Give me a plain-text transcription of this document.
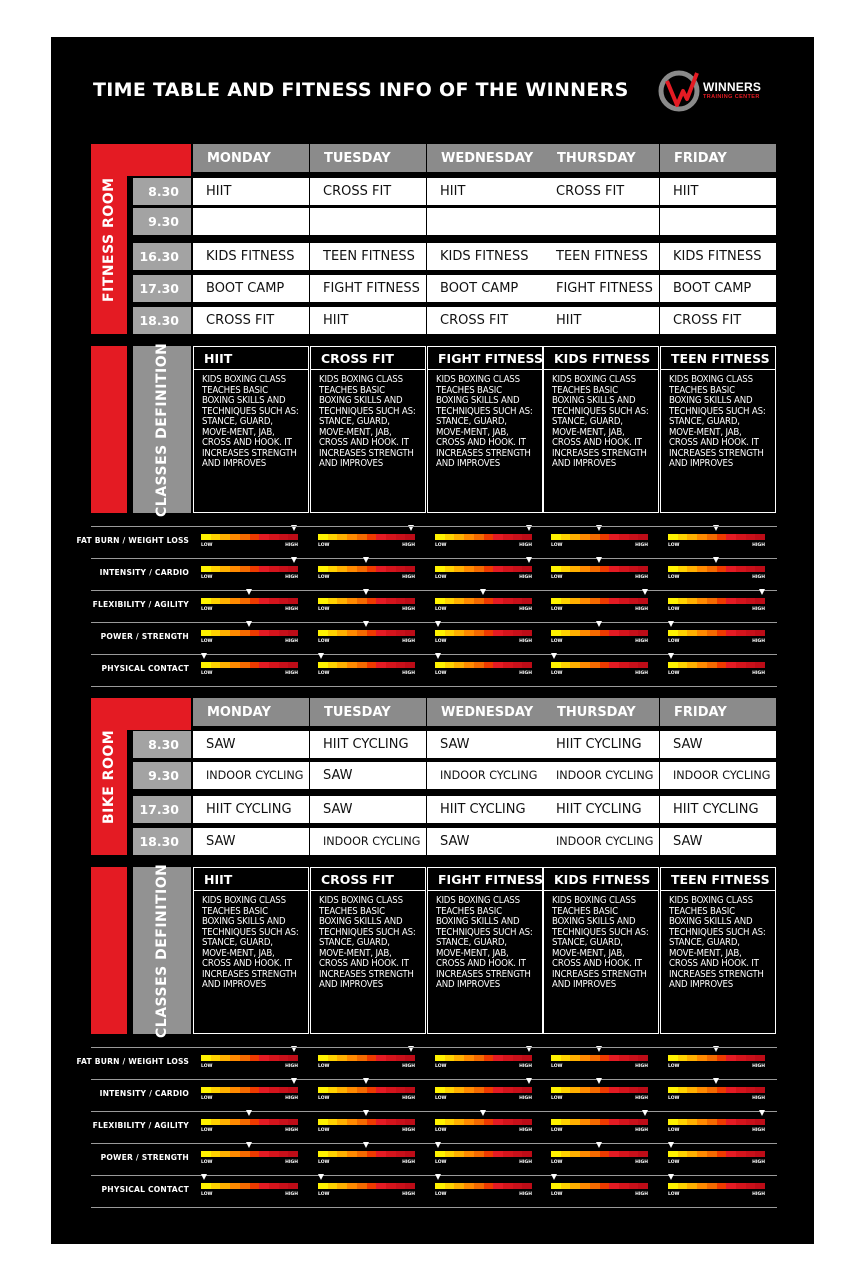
TIME TABLE AND FITNESS INFO OF THE WINNERS	WINNERS
TRAINING CENTER
FITNESS ROOM
MONDAY	TUESDAY	WEDNESDAY	THURSDAY	FRIDAY
8.30	HIIT	CROSS FIT	HIIT	CROSS FIT	HIIT
9.30
16.30	KIDS FITNESS	TEEN FITNESS	KIDS FITNESS	TEEN FITNESS	KIDS FITNESS
17.30	BOOT CAMP	FIGHT FITNESS	BOOT CAMP	FIGHT FITNESS	BOOT CAMP
18.30	CROSS FIT	HIIT	CROSS FIT	HIIT	CROSS FIT
CLASSES DEFINITION	HIIT
KIDS BOXING CLASS TEACHES BASIC BOXING SKILLS AND TECHNIQUES SUCH AS: STANCE, GUARD, MOVE-MENT, JAB, CROSS AND HOOK. IT INCREASES STRENGTH AND IMPROVES
CROSS FIT
KIDS BOXING CLASS TEACHES BASIC BOXING SKILLS AND TECHNIQUES SUCH AS: STANCE, GUARD, MOVE-MENT, JAB, CROSS AND HOOK. IT INCREASES STRENGTH AND IMPROVES
FIGHT FITNESS
KIDS BOXING CLASS TEACHES BASIC BOXING SKILLS AND TECHNIQUES SUCH AS: STANCE, GUARD, MOVE-MENT, JAB, CROSS AND HOOK. IT INCREASES STRENGTH AND IMPROVES
KIDS FITNESS
KIDS BOXING CLASS TEACHES BASIC BOXING SKILLS AND TECHNIQUES SUCH AS: STANCE, GUARD, MOVE-MENT, JAB, CROSS AND HOOK. IT INCREASES STRENGTH AND IMPROVES
TEEN FITNESS
KIDS BOXING CLASS TEACHES BASIC BOXING SKILLS AND TECHNIQUES SUCH AS: STANCE, GUARD, MOVE-MENT, JAB, CROSS AND HOOK. IT INCREASES STRENGTH AND IMPROVES
FAT BURN / WEIGHT LOSS
LOW	HIGH	LOW	HIGH	LOW	HIGH	LOW	HIGH	LOW	HIGH
INTENSITY / CARDIO
LOW	HIGH	LOW	HIGH	LOW	HIGH	LOW	HIGH	LOW	HIGH
FLEXIBILITY / AGILITY
LOW	HIGH	LOW	HIGH	LOW	HIGH	LOW	HIGH	LOW	HIGH
POWER / STRENGTH
LOW	HIGH	LOW	HIGH	LOW	HIGH	LOW	HIGH	LOW	HIGH
PHYSICAL CONTACT
LOW	HIGH	LOW	HIGH	LOW	HIGH	LOW	HIGH	LOW	HIGH
BIKE ROOM
MONDAY	TUESDAY	WEDNESDAY	THURSDAY	FRIDAY
8.30	SAW	HIIT CYCLING	SAW	HIIT CYCLING	SAW
9.30	INDOOR CYCLING	SAW	INDOOR CYCLING	INDOOR CYCLING	INDOOR CYCLING
17.30	HIIT CYCLING	SAW	HIIT CYCLING	HIIT CYCLING	HIIT CYCLING
18.30	SAW	INDOOR CYCLING	SAW	INDOOR CYCLING	SAW
CLASSES DEFINITION	HIIT
KIDS BOXING CLASS TEACHES BASIC BOXING SKILLS AND TECHNIQUES SUCH AS: STANCE, GUARD, MOVE-MENT, JAB, CROSS AND HOOK. IT INCREASES STRENGTH AND IMPROVES
CROSS FIT
KIDS BOXING CLASS TEACHES BASIC BOXING SKILLS AND TECHNIQUES SUCH AS: STANCE, GUARD, MOVE-MENT, JAB, CROSS AND HOOK. IT INCREASES STRENGTH AND IMPROVES
FIGHT FITNESS
KIDS BOXING CLASS TEACHES BASIC BOXING SKILLS AND TECHNIQUES SUCH AS: STANCE, GUARD, MOVE-MENT, JAB, CROSS AND HOOK. IT INCREASES STRENGTH AND IMPROVES
KIDS FITNESS
KIDS BOXING CLASS TEACHES BASIC BOXING SKILLS AND TECHNIQUES SUCH AS: STANCE, GUARD, MOVE-MENT, JAB, CROSS AND HOOK. IT INCREASES STRENGTH AND IMPROVES
TEEN FITNESS
KIDS BOXING CLASS TEACHES BASIC BOXING SKILLS AND TECHNIQUES SUCH AS: STANCE, GUARD, MOVE-MENT, JAB, CROSS AND HOOK. IT INCREASES STRENGTH AND IMPROVES
FAT BURN / WEIGHT LOSS
LOW	HIGH	LOW	HIGH	LOW	HIGH	LOW	HIGH	LOW	HIGH
INTENSITY / CARDIO
LOW	HIGH	LOW	HIGH	LOW	HIGH	LOW	HIGH	LOW	HIGH
FLEXIBILITY / AGILITY
LOW	HIGH	LOW	HIGH	LOW	HIGH	LOW	HIGH	LOW	HIGH
POWER / STRENGTH
LOW	HIGH	LOW	HIGH	LOW	HIGH	LOW	HIGH	LOW	HIGH
PHYSICAL CONTACT
LOW	HIGH	LOW	HIGH	LOW	HIGH	LOW	HIGH	LOW	HIGH
